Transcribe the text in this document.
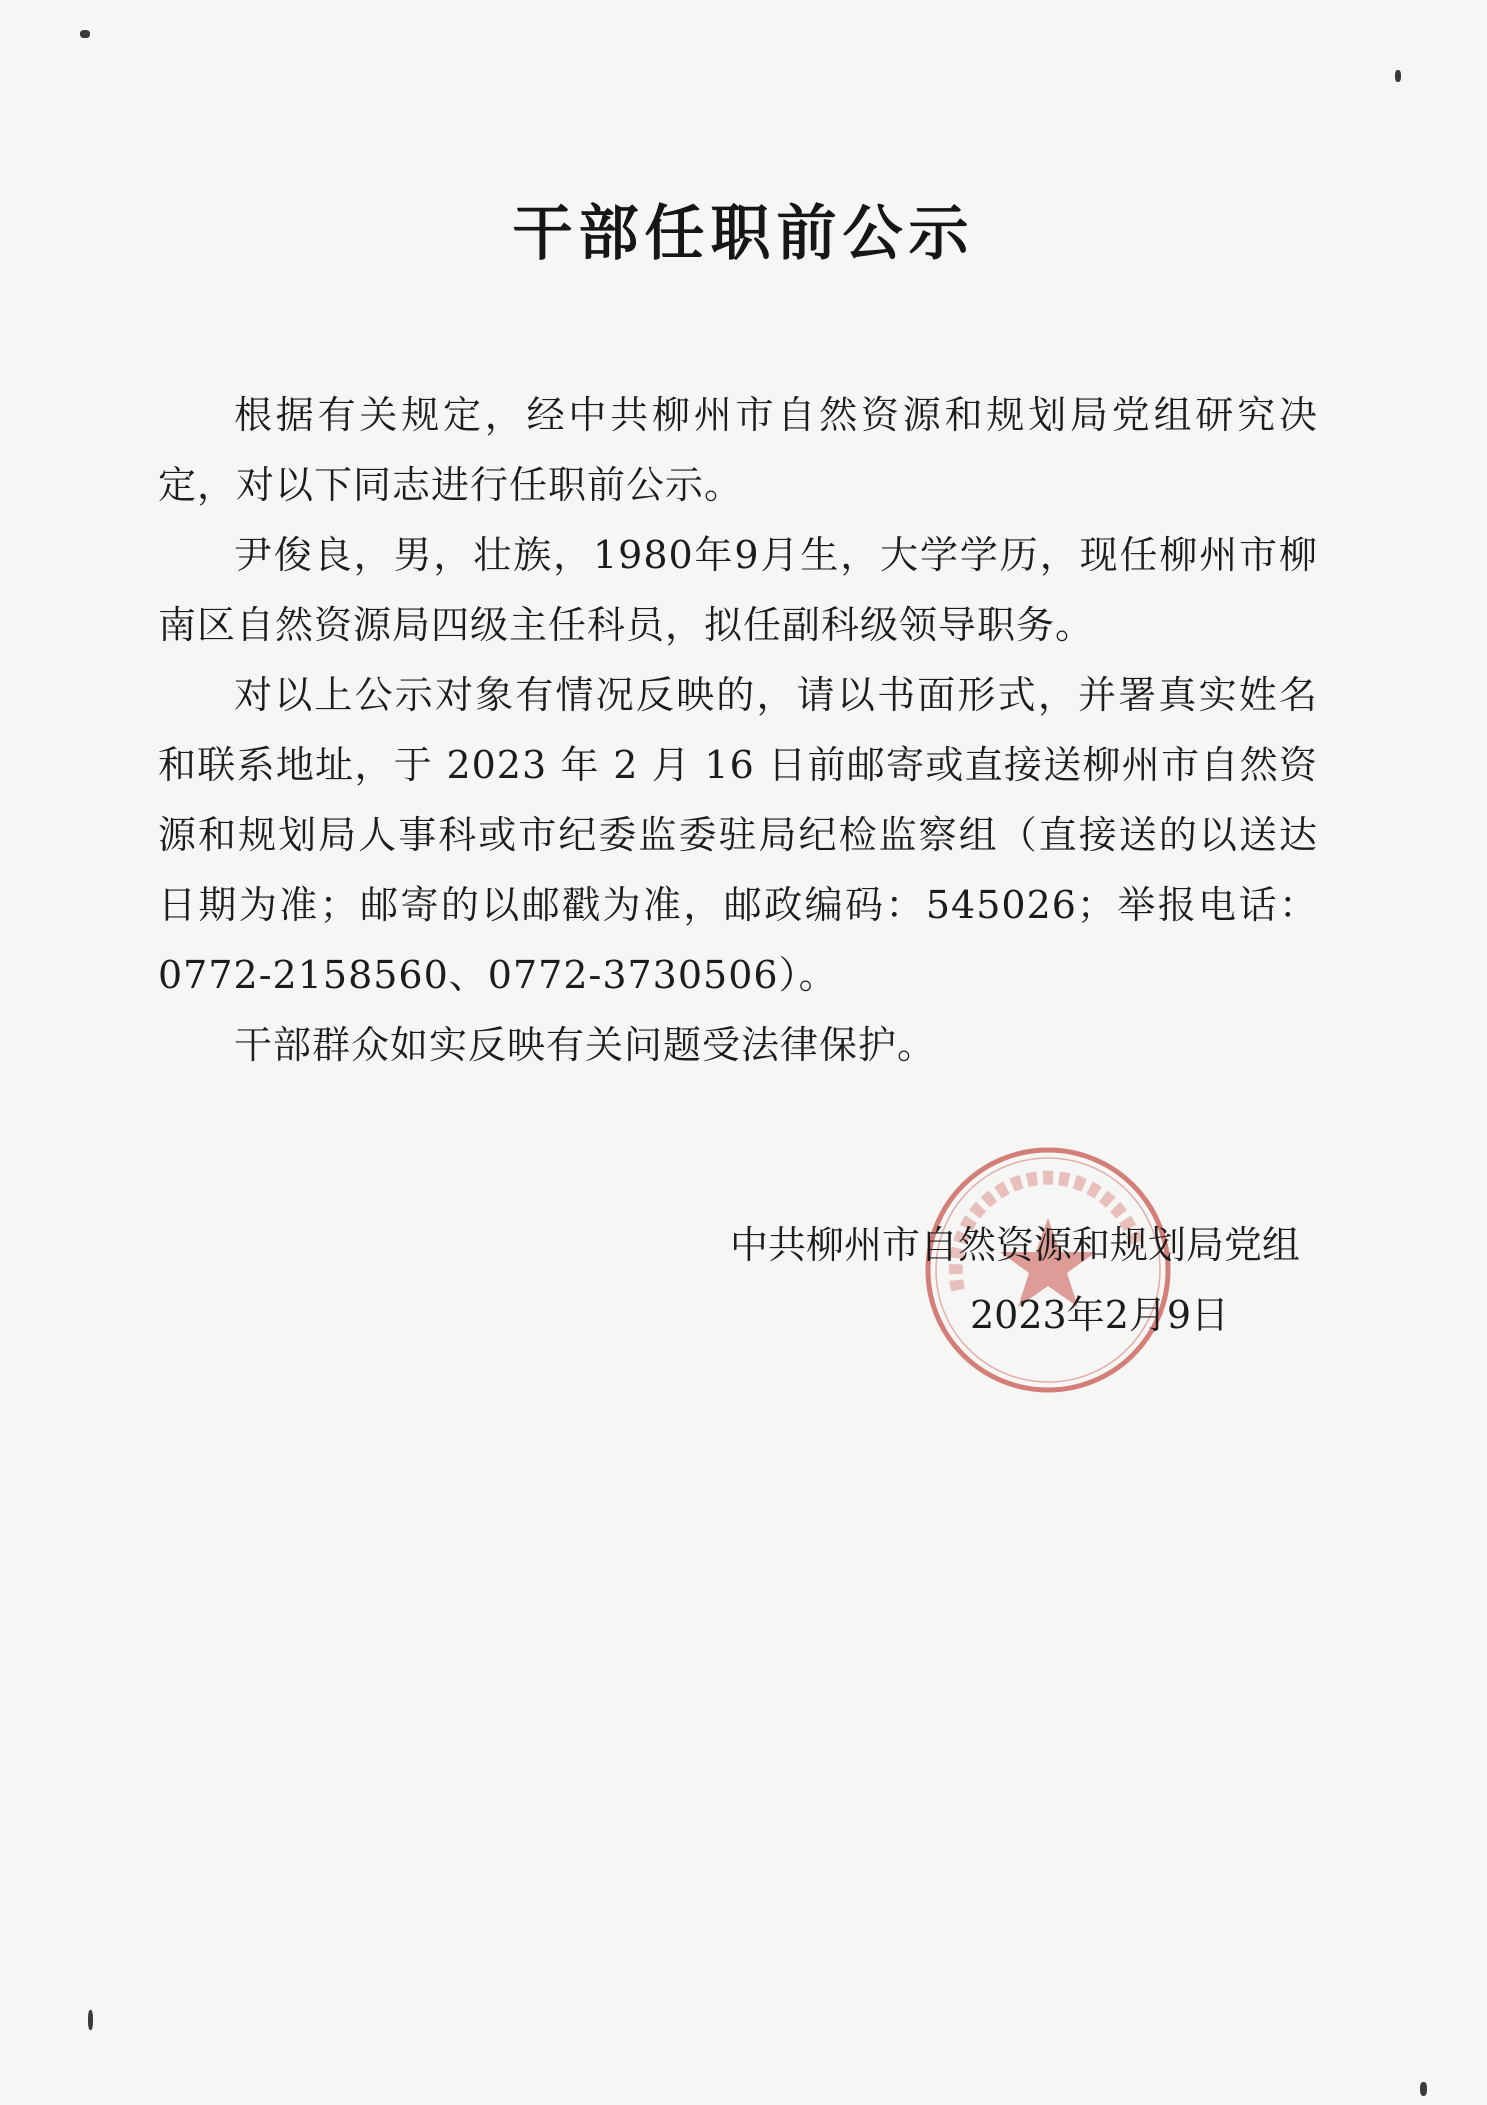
干部任职前公示

根据有关规定，经中共柳州市自然资源和规划局党组研究决定，对以下同志进行任职前公示。

尹俊良，男，壮族，1980年9月生，大学学历，现任柳州市柳南区自然资源局四级主任科员，拟任副科级领导职务。

对以上公示对象有情况反映的，请以书面形式，并署真实姓名和联系地址，于 2023 年 2 月 16 日前邮寄或直接送柳州市自然资源和规划局人事科或市纪委监委驻局纪检监察组（直接送的以送达日期为准；邮寄的以邮戳为准，邮政编码：545026；举报电话：0772-2158560、0772-3730506）。

干部群众如实反映有关问题受法律保护。

中共柳州市自然资源和规划局党组
2023年2月9日
